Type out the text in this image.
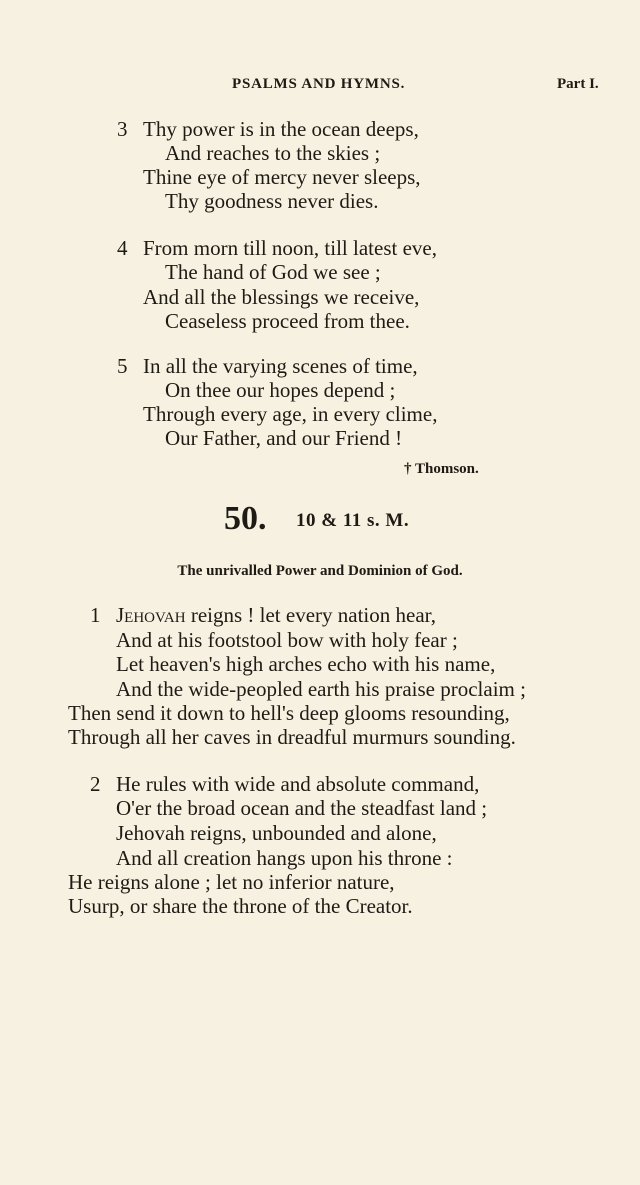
PSALMS AND HYMNS.	Part I.
3 Thy power is in the ocean deeps,
And reaches to the skies ;
Thine eye of mercy never sleeps,
Thy goodness never dies.
4 From morn till noon, till latest eve,
The hand of God we see ;
And all the blessings we receive,
Ceaseless proceed from thee.
5 In all the varying scenes of time,
On thee our hopes depend ;
Through every age, in every clime,
Our Father, and our Friend !
† Thomson.
50. 10 & 11 s. M.
The unrivalled Power and Dominion of God.
1 Jehovah reigns ! let every nation hear,
And at his footstool bow with holy fear ;
Let heaven's high arches echo with his name,
And the wide-peopled earth his praise proclaim ;
Then send it down to hell's deep glooms resounding,
Through all her caves in dreadful murmurs sounding.
2 He rules with wide and absolute command,
O'er the broad ocean and the steadfast land ;
Jehovah reigns, unbounded and alone,
And all creation hangs upon his throne :
He reigns alone ; let no inferior nature,
Usurp, or share the throne of the Creator.
